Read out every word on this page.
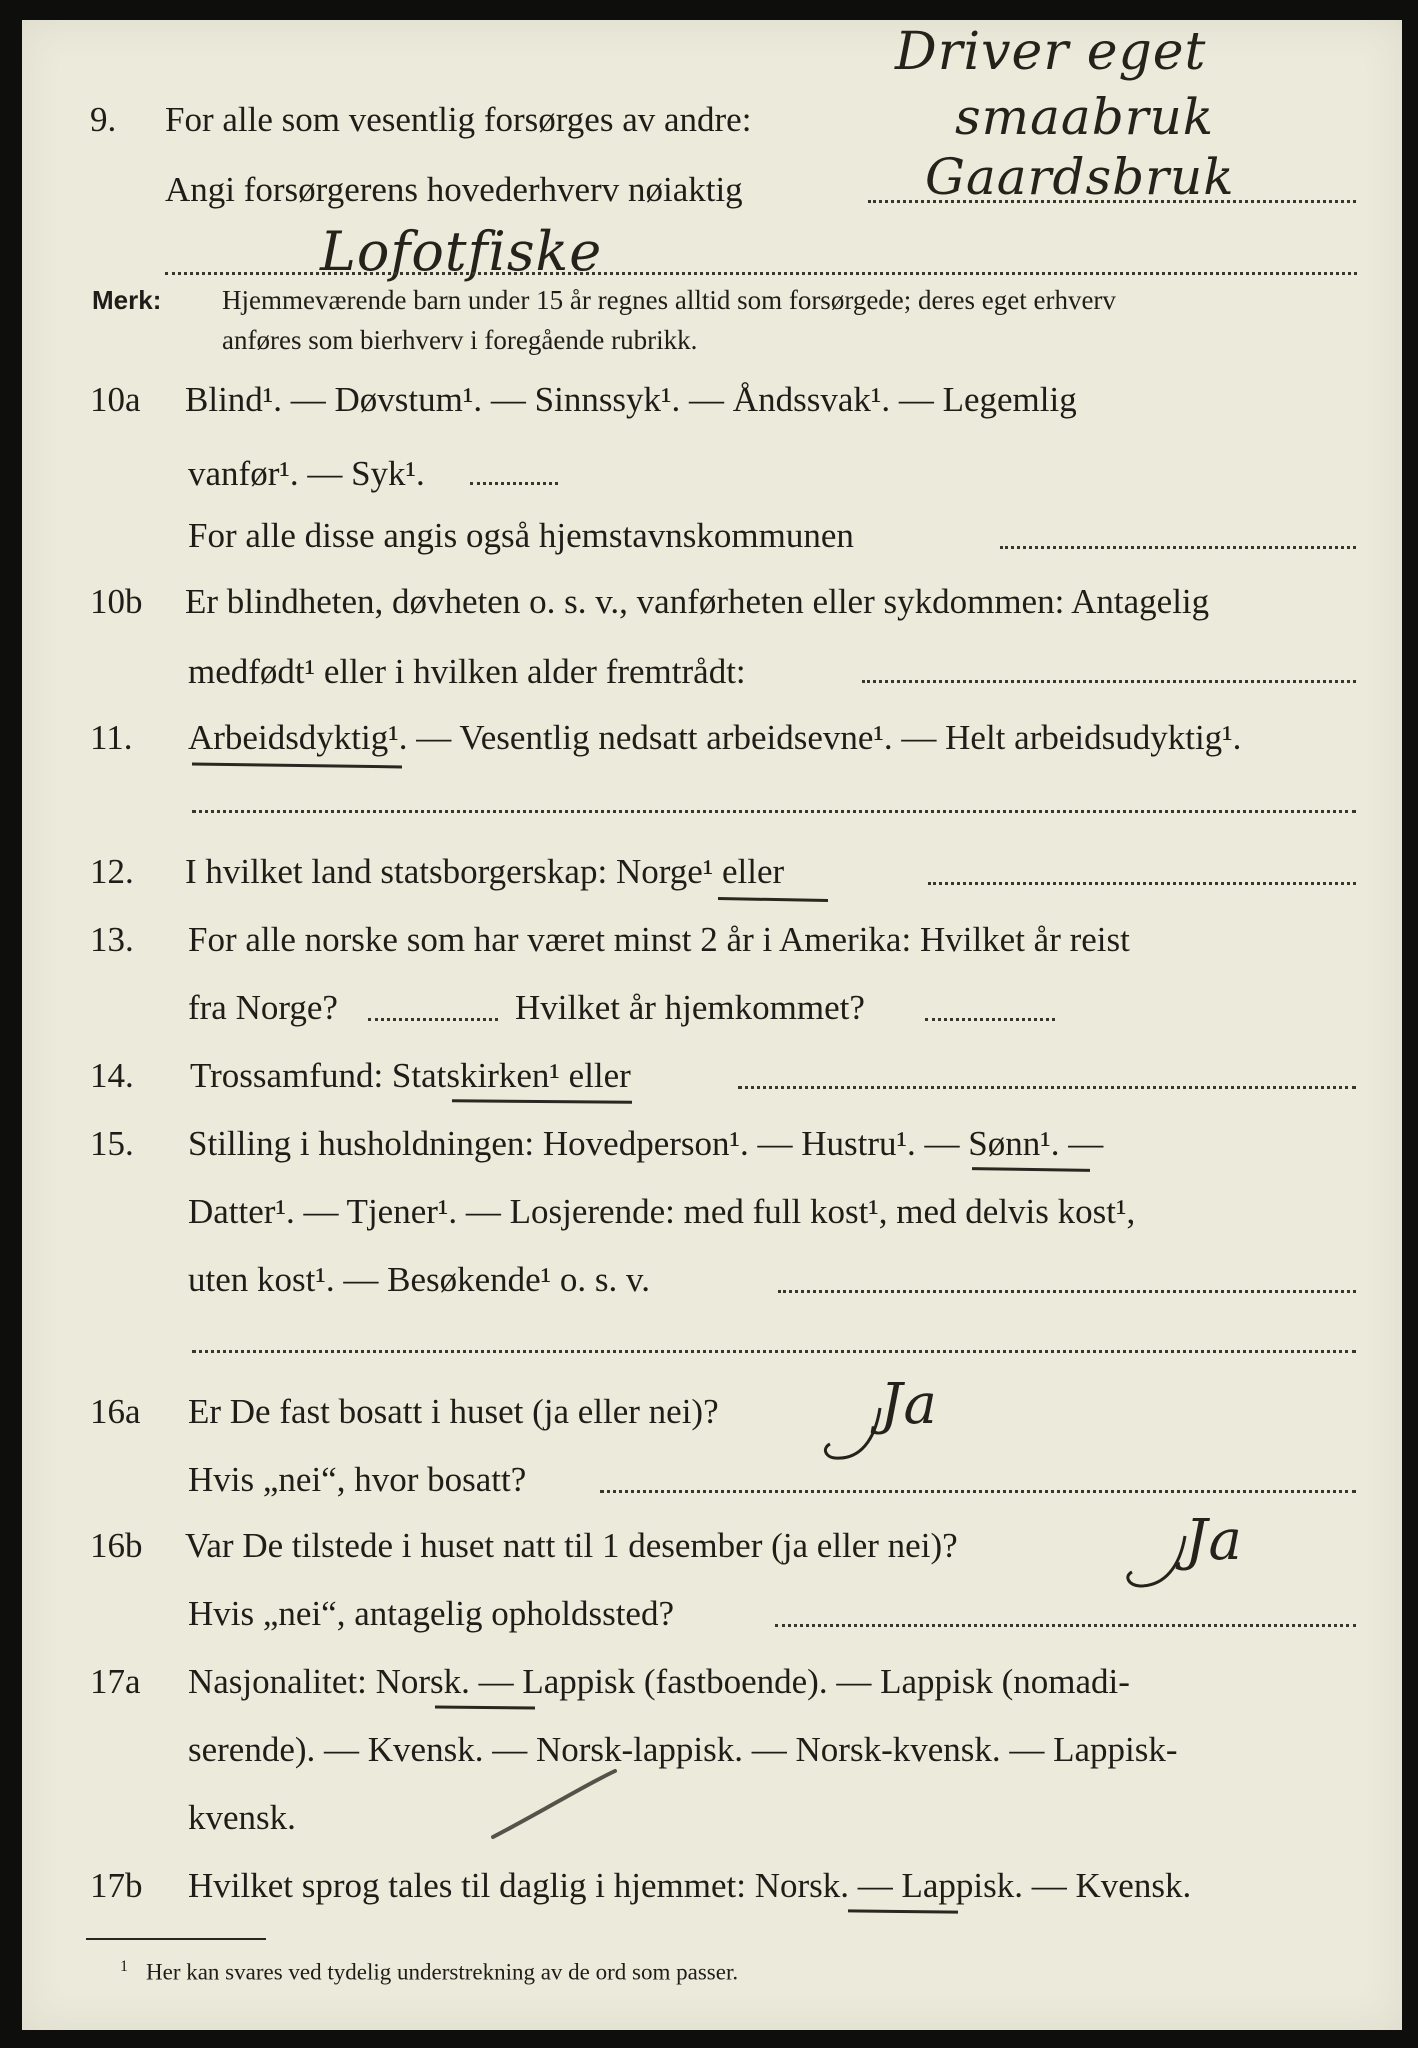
9. For alle som vesentlig forsørges av andre:
Angi forsørgerens hovederhverv nøiaktig
Driver eget
smaabruk
Gaardsbruk
Lofotfiske
Merk: Hjemmeværende barn under 15 år regnes alltid som forsørgede; deres eget erhverv
anføres som bierhverv i foregående rubrikk.
10a Blind¹. — Døvstum¹. — Sinnssyk¹. — Åndssvak¹. — Legemlig
vanfør¹. — Syk¹.
For alle disse angis også hjemstavnskommunen
10b Er blindheten, døvheten o. s. v., vanførheten eller sykdommen: Antagelig
medfødt¹ eller i hvilken alder fremtrådt:
11. Arbeidsdyktig¹. — Vesentlig nedsatt arbeidsevne¹. — Helt arbeidsudyktig¹.
12. I hvilket land statsborgerskap: Norge¹ eller
13. For alle norske som har været minst 2 år i Amerika: Hvilket år reist
fra Norge?	Hvilket år hjemkommet?
14. Trossamfund: Statskirken¹ eller
15. Stilling i husholdningen: Hovedperson¹. — Hustru¹. — Sønn¹. —
Datter¹. — Tjener¹. — Losjerende: med full kost¹, med delvis kost¹,
uten kost¹. — Besøkende¹ o. s. v.
16a Er De fast bosatt i huset (ja eller nei)?	Ja
Hvis „nei“, hvor bosatt?
16b Var De tilstede i huset natt til 1 desember (ja eller nei)?	Ja
Hvis „nei“, antagelig opholdssted?
17a Nasjonalitet: Norsk. — Lappisk (fastboende). — Lappisk (nomadi-
serende). — Kvensk. — Norsk-lappisk. — Norsk-kvensk. — Lappisk-
kvensk.
17b Hvilket sprog tales til daglig i hjemmet: Norsk. — Lappisk. — Kvensk.
$^1$ Her kan svares ved tydelig understrekning av de ord som passer.
